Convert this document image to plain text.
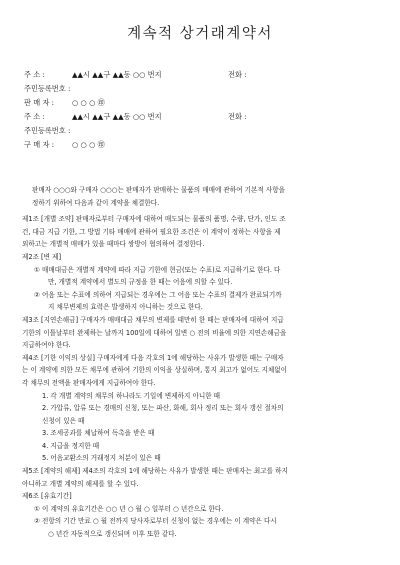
계속적 상거래계약서
주 소 :	▲▲시 ▲▲구 ▲▲동 ○○ 번지	전화 :
주민등록번호 :
판 매 자 : ○ ○ ○ ㊞
주 소 :	▲▲시 ▲▲구 ▲▲동 ○○ 번지	전화 :
주민등록번호 :
구 매 자 : ○ ○ ○ ㊞

판매자 ○○○와 구매자 ○○○는 판매자가 판매하는 물품의 매매에 관하여 기본적 사항을
정하기 위하여 다음과 같이 계약을 체결한다.

제1조 [개별 조약] 판매자로부터 구매자에 대하여 매도되는 물품의 품명, 수량, 단가, 인도 조
건, 대금 지급 기한, 그 방법 기타 매매에 관하여 필요한 조건은 이 계약이 정하는 사항을 제
외하고는 개별적 매매가 있을 때마다 쌍방이 협의하여 결정한다.

제2조 [변 제]

① 매매대금은 개별적 계약에 따라 지급 기한에 현금(또는 수표)로 지급하기로 한다. 다
만, 개별적 계약에서 별도의 규정을 한 때는 어음에 의할 수 있다.

② 어음 또는 수표에 의하여 지급되는 경우에는 그 어음 또는 수표의 결제가 완료되기까
지 채무변제의 효력은 발생하지 아니하는 것으로 한다.

제3조 [지연손해금] 구매자가 매매대금 채무의 변제를 태만히 한 때는 판매자에 대하여 지급
기한의 이틀날부터 완제하는 날까지 100일에 대하여 일변 ○ 전의 비율에 의한 지연손해금을
지급하여야 한다.

제4조 [기한 이익의 상실] 구매자에게 다음 각호의 1에 해당하는 사유가 발생한 때는 구매자
는 이 계약에 의한 모든 채무에 관하여 기한의 이익을 상실하며, 통지 최고가 없어도 지체없이
각 채무의 전액을 판매자에게 지급하여야 한다.

1. 각 개별 계약의 채무의 하나라도 기일에 변제하지 아니한 때

2. 가압류, 압류 또는 경매의 신청, 또는 파산, 화해, 회사 정리 또는 회사 갱신 절차의
신청이 있은 때

3. 조세공과를 체납하여 독촉을 받은 때

4. 지급을 정지한 때

5. 어음교환소의 거래정지 처분이 있은 때

제5조 [계약의 해제] 제4조의 각호의 1에 해당하는 사유가 발생한 때는 판매자는 최고를 하지
아니하고 개별 계약의 해제를 할 수 있다.

제6조 [유효기간]

① 이 계약의 유효기간은 ○○ 년 ○ 월 ○ 일부터 ○ 년간으로 한다.

② 전항의 기간 만료 ○ 월 전까지 당사자로부터 신청이 없는 경우에는 이 계약은 다시
○ 년간 자동적으로 갱신되며 이후 또한 같다.
